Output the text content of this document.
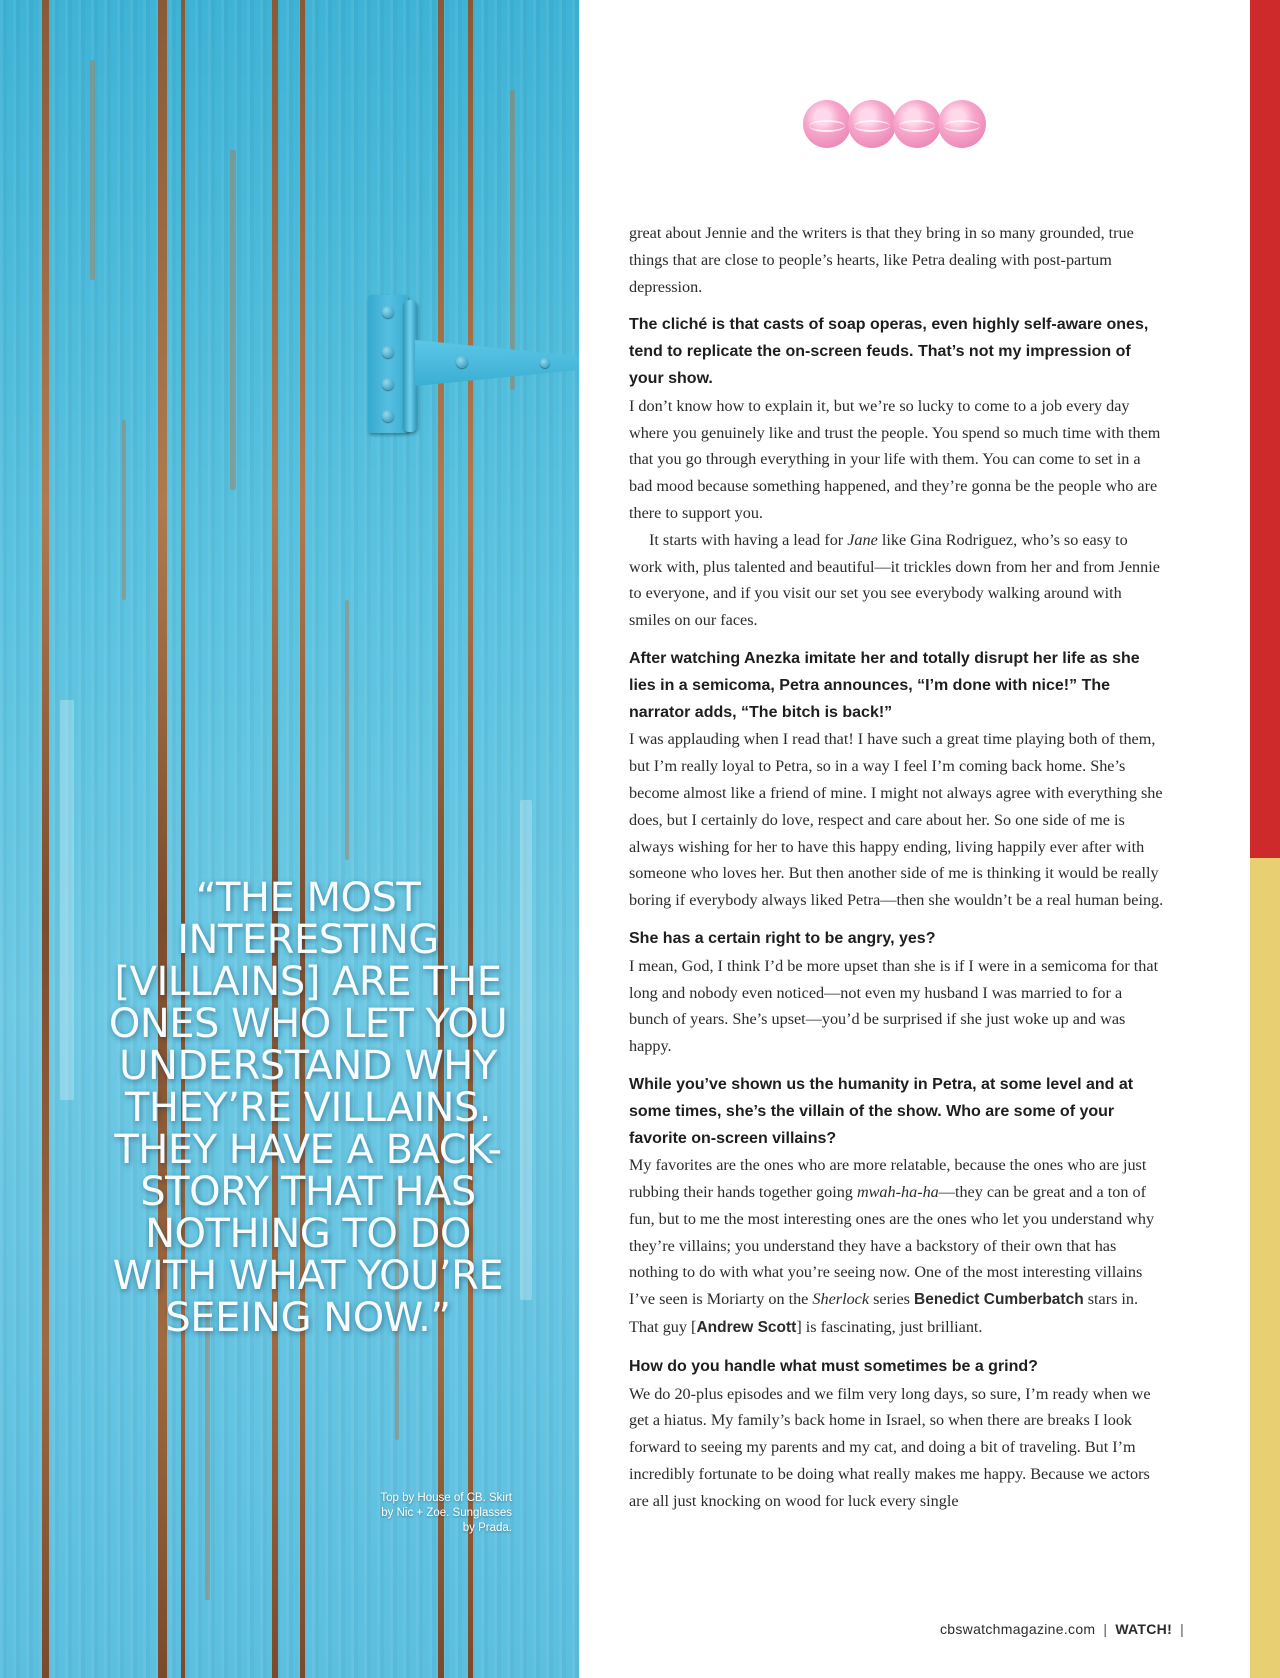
“THE MOST INTERESTING [VILLAINS] ARE THE ONES WHO LET YOU UNDERSTAND WHY THEY’RE VILLAINS. THEY HAVE A BACK-STORY THAT HAS NOTHING TO DO WITH WHAT YOU’RE SEEING NOW.”
Top by House of CB. Skirt by Nic + Zoe. Sunglasses by Prada.

great about Jennie and the writers is that they bring in so many grounded, true things that are close to people’s hearts, like Petra dealing with post-partum depression.

The cliché is that casts of soap operas, even highly self-aware ones, tend to replicate the on-screen feuds. That’s not my impression of your show.

I don’t know how to explain it, but we’re so lucky to come to a job every day where you genuinely like and trust the people. You spend so much time with them that you go through everything in your life with them. You can come to set in a bad mood because something happened, and they’re gonna be the people who are there to support you.

It starts with having a lead for Jane like Gina Rodriguez, who’s so easy to work with, plus talented and beautiful—it trickles down from her and from Jennie to everyone, and if you visit our set you see everybody walking around with smiles on our faces.

After watching Anezka imitate her and totally disrupt her life as she lies in a semicoma, Petra announces, “I’m done with nice!” The narrator adds, “The bitch is back!”

I was applauding when I read that! I have such a great time playing both of them, but I’m really loyal to Petra, so in a way I feel I’m coming back home. She’s become almost like a friend of mine. I might not always agree with everything she does, but I certainly do love, respect and care about her. So one side of me is always wishing for her to have this happy ending, living happily ever after with someone who loves her. But then another side of me is thinking it would be really boring if everybody always liked Petra—then she wouldn’t be a real human being.

She has a certain right to be angry, yes?

I mean, God, I think I’d be more upset than she is if I were in a semicoma for that long and nobody even noticed—not even my husband I was married to for a bunch of years. She’s upset—you’d be surprised if she just woke up and was happy.

While you’ve shown us the humanity in Petra, at some level and at some times, she’s the villain of the show. Who are some of your favorite on-screen villains?

My favorites are the ones who are more relatable, because the ones who are just rubbing their hands together going mwah-ha-ha—they can be great and a ton of fun, but to me the most interesting ones are the ones who let you understand why they’re villains; you understand they have a backstory of their own that has nothing to do with what you’re seeing now. One of the most interesting villains I’ve seen is Moriarty on the Sherlock series Benedict Cumberbatch stars in. That guy [Andrew Scott] is fascinating, just brilliant.

How do you handle what must sometimes be a grind?

We do 20-plus episodes and we film very long days, so sure, I’m ready when we get a hiatus. My family’s back home in Israel, so when there are breaks I look forward to seeing my parents and my cat, and doing a bit of traveling. But I’m incredibly fortunate to be doing what really makes me happy. Because we actors are all just knocking on wood for luck every single

cbswatchmagazine.com | WATCH! |
